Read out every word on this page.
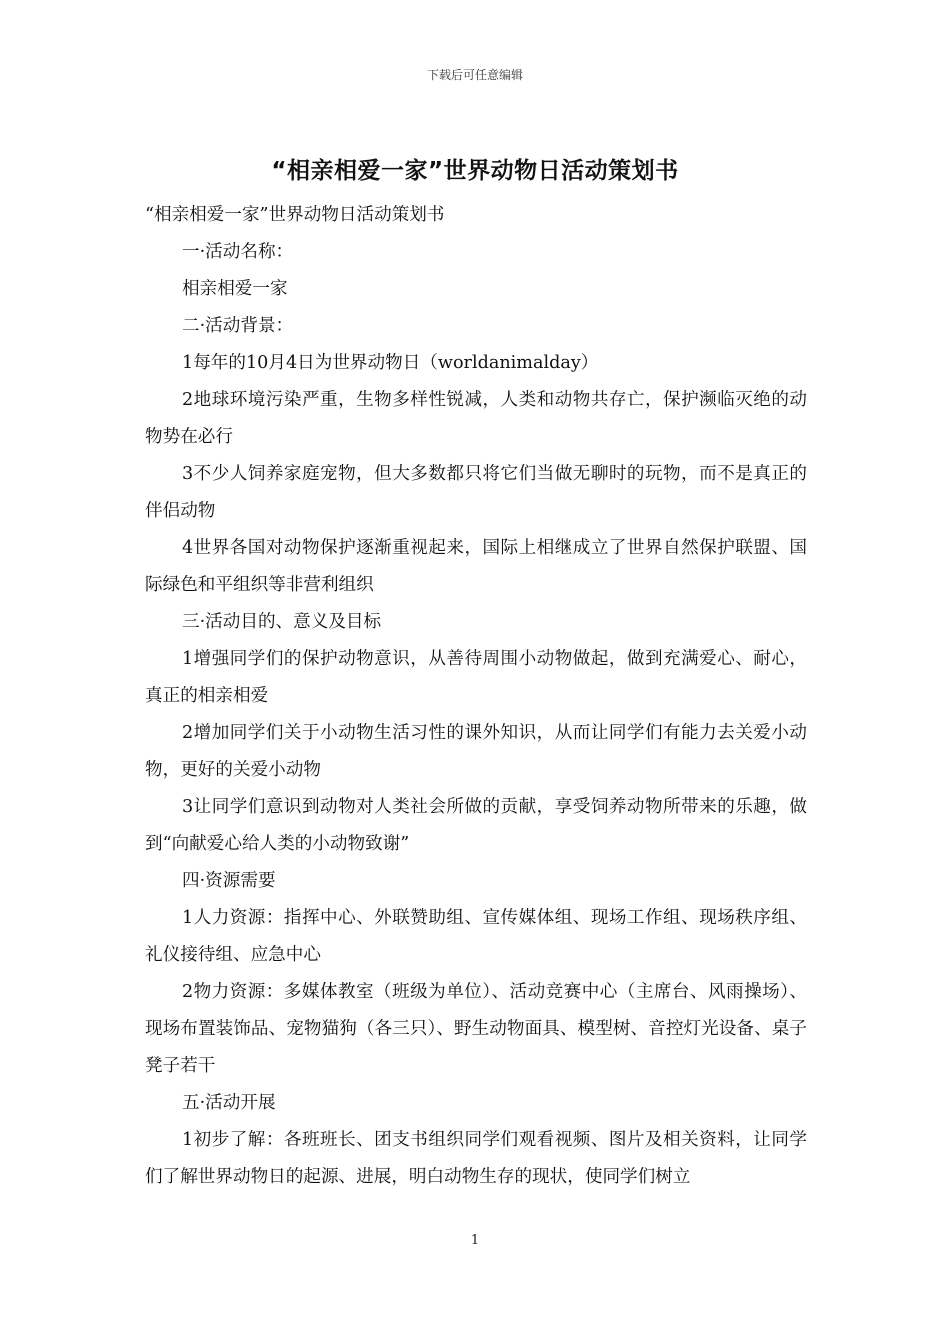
下载后可任意编辑
“相亲相爱一家”世界动物日活动策划书

“相亲相爱一家”世界动物日活动策划书

一·活动名称：

相亲相爱一家

二·活动背景：

1每年的10月4日为世界动物日（worldanimalday）

2地球环境污染严重，生物多样性锐减，人类和动物共存亡，保护濒临灭绝的动物势在必行

3不少人饲养家庭宠物，但大多数都只将它们当做无聊时的玩物，而不是真正的伴侣动物

4世界各国对动物保护逐渐重视起来，国际上相继成立了世界自然保护联盟、国际绿色和平组织等非营利组织

三·活动目的、意义及目标

1增强同学们的保护动物意识，从善待周围小动物做起，做到充满爱心、耐心，真正的相亲相爱

2增加同学们关于小动物生活习性的课外知识，从而让同学们有能力去关爱小动物，更好的关爱小动物

3让同学们意识到动物对人类社会所做的贡献，享受饲养动物所带来的乐趣，做到“向献爱心给人类的小动物致谢”

四·资源需要

1人力资源：指挥中心、外联赞助组、宣传媒体组、现场工作组、现场秩序组、礼仪接待组、应急中心

2物力资源：多媒体教室（班级为单位）、活动竞赛中心（主席台、风雨操场）、现场布置装饰品、宠物猫狗（各三只）、野生动物面具、模型树、音控灯光设备、桌子凳子若干

五·活动开展

1初步了解：各班班长、团支书组织同学们观看视频、图片及相关资料，让同学们了解世界动物日的起源、进展，明白动物生存的现状，使同学们树立

1
